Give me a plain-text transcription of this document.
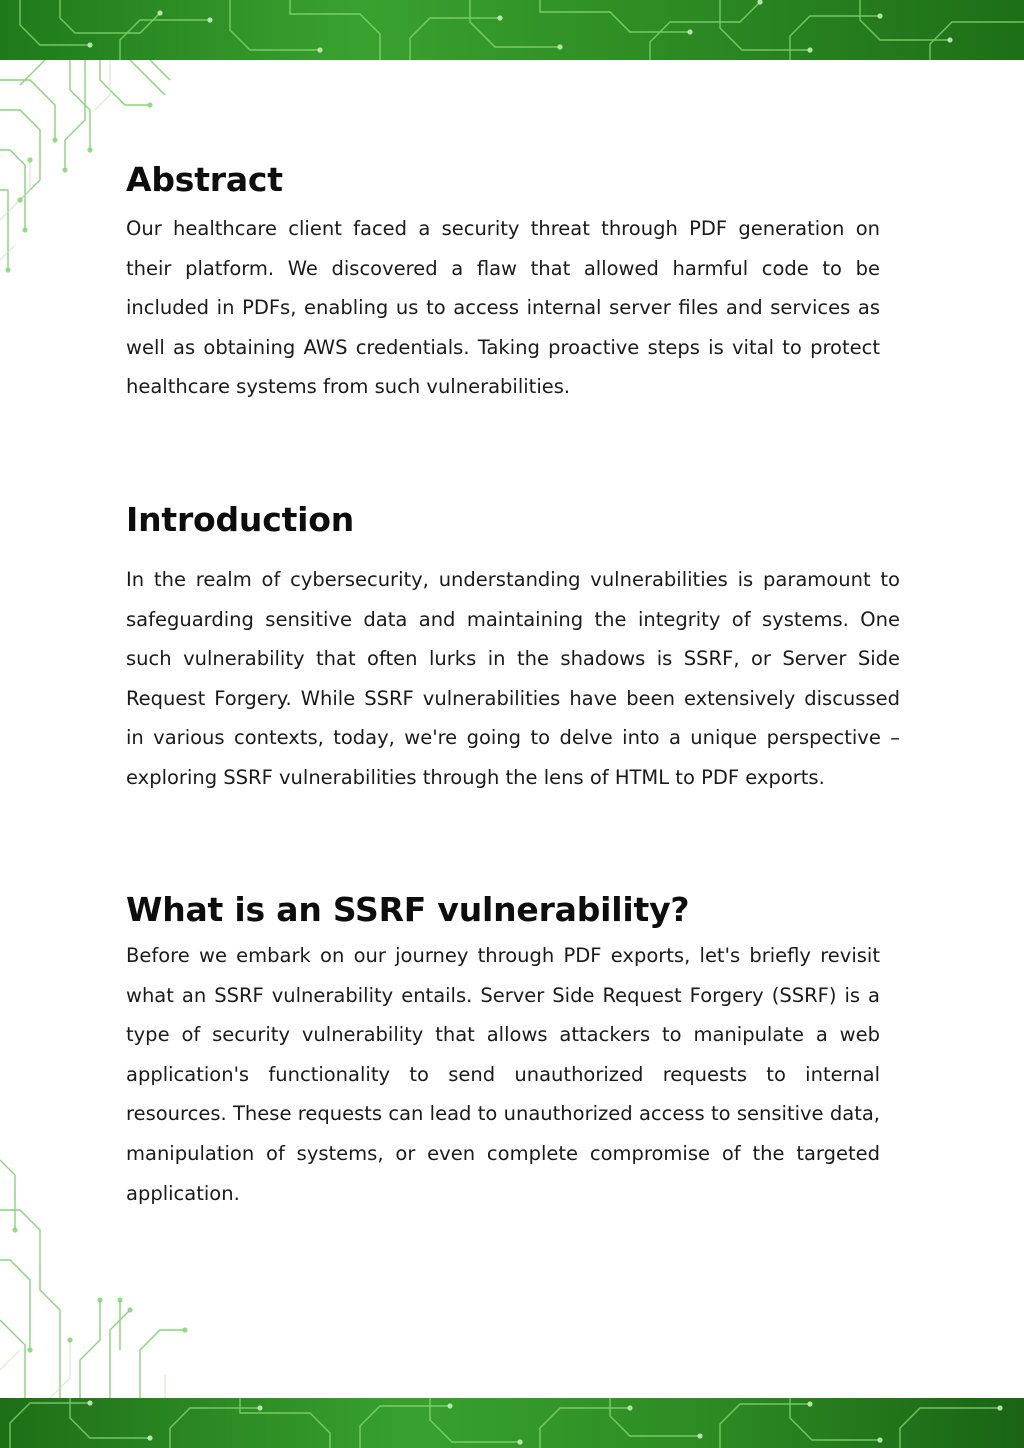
Abstract

Our healthcare client faced a security threat through PDF generation on their platform. We discovered a flaw that allowed harmful code to be included in PDFs, enabling us to access internal server files and services as well as obtaining AWS credentials. Taking proactive steps is vital to protect healthcare systems from such vulnerabilities.

Introduction

In the realm of cybersecurity, understanding vulnerabilities is paramount to safeguarding sensitive data and maintaining the integrity of systems. One such vulnerability that often lurks in the shadows is SSRF, or Server Side Request Forgery. While SSRF vulnerabilities have been extensively discussed in various contexts, today, we're going to delve into a unique perspective – exploring SSRF vulnerabilities through the lens of HTML to PDF exports.

What is an SSRF vulnerability?

Before we embark on our journey through PDF exports, let's briefly revisit what an SSRF vulnerability entails. Server Side Request Forgery (SSRF) is a type of security vulnerability that allows attackers to manipulate a web application's functionality to send unauthorized requests to internal resources. These requests can lead to unauthorized access to sensitive data, manipulation of systems, or even complete compromise of the targeted application.
